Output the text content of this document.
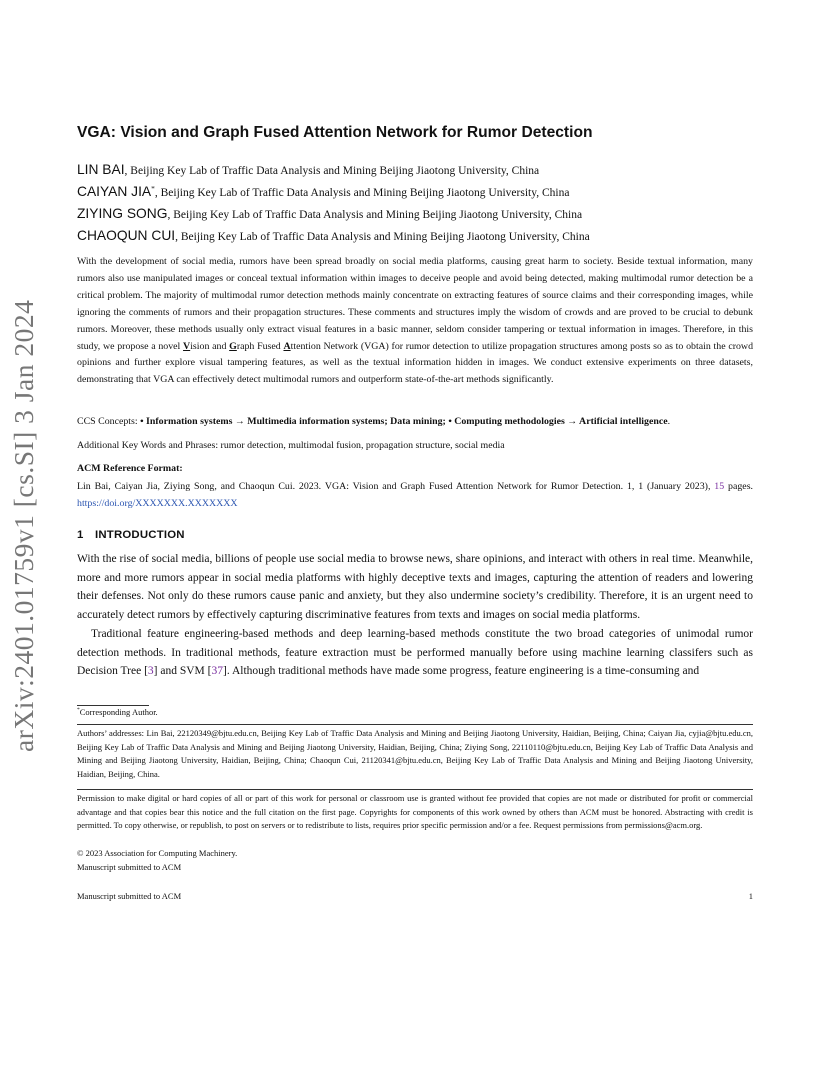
arXiv:2401.01759v1 [cs.SI] 3 Jan 2024
VGA: Vision and Graph Fused Attention Network for Rumor Detection
LIN BAI, Beijing Key Lab of Traffic Data Analysis and Mining Beijing Jiaotong University, China
CAIYAN JIA*, Beijing Key Lab of Traffic Data Analysis and Mining Beijing Jiaotong University, China
ZIYING SONG, Beijing Key Lab of Traffic Data Analysis and Mining Beijing Jiaotong University, China
CHAOQUN CUI, Beijing Key Lab of Traffic Data Analysis and Mining Beijing Jiaotong University, China
With the development of social media, rumors have been spread broadly on social media platforms, causing great harm to society. Beside textual information, many rumors also use manipulated images or conceal textual information within images to deceive people and avoid being detected, making multimodal rumor detection be a critical problem. The majority of multimodal rumor detection methods mainly concentrate on extracting features of source claims and their corresponding images, while ignoring the comments of rumors and their propagation structures. These comments and structures imply the wisdom of crowds and are proved to be crucial to debunk rumors. Moreover, these methods usually only extract visual features in a basic manner, seldom consider tampering or textual information in images. Therefore, in this study, we propose a novel Vision and Graph Fused Attention Network (VGA) for rumor detection to utilize propagation structures among posts so as to obtain the crowd opinions and further explore visual tampering features, as well as the textual information hidden in images. We conduct extensive experiments on three datasets, demonstrating that VGA can effectively detect multimodal rumors and outperform state-of-the-art methods significantly.
CCS Concepts: • Information systems → Multimedia information systems; Data mining; • Computing methodologies → Artificial intelligence.
Additional Key Words and Phrases: rumor detection, multimodal fusion, propagation structure, social media
ACM Reference Format:
Lin Bai, Caiyan Jia, Ziying Song, and Chaoqun Cui. 2023. VGA: Vision and Graph Fused Attention Network for Rumor Detection. 1, 1 (January 2023), 15 pages. https://doi.org/XXXXXXX.XXXXXXX
1 INTRODUCTION

With the rise of social media, billions of people use social media to browse news, share opinions, and interact with others in real time. Meanwhile, more and more rumors appear in social media platforms with highly deceptive texts and images, capturing the attention of readers and lowering their defenses. Not only do these rumors cause panic and anxiety, but they also undermine society’s credibility. Therefore, it is an urgent need to accurately detect rumors by effectively capturing discriminative features from texts and images on social media platforms.

Traditional feature engineering-based methods and deep learning-based methods constitute the two broad categories of unimodal rumor detection methods. In traditional methods, feature extraction must be performed manually before using machine learning classifers such as Decision Tree [3] and SVM [37]. Although traditional methods have made some progress, feature engineering is a time-consuming and

*Corresponding Author.
Authors’ addresses: Lin Bai, 22120349@bjtu.edu.cn, Beijing Key Lab of Traffic Data Analysis and Mining and Beijing Jiaotong University, Haidian, Beijing, China; Caiyan Jia, cyjia@bjtu.edu.cn, Beijing Key Lab of Traffic Data Analysis and Mining and Beijing Jiaotong University, Haidian, Beijing, China; Ziying Song, 22110110@bjtu.edu.cn, Beijing Key Lab of Traffic Data Analysis and Mining and Beijing Jiaotong University, Haidian, Beijing, China; Chaoqun Cui, 21120341@bjtu.edu.cn, Beijing Key Lab of Traffic Data Analysis and Mining and Beijing Jiaotong University, Haidian, Beijing, China.
Permission to make digital or hard copies of all or part of this work for personal or classroom use is granted without fee provided that copies are not made or distributed for profit or commercial advantage and that copies bear this notice and the full citation on the first page. Copyrights for components of this work owned by others than ACM must be honored. Abstracting with credit is permitted. To copy otherwise, or republish, to post on servers or to redistribute to lists, requires prior specific permission and/or a fee. Request permissions from permissions@acm.org.
© 2023 Association for Computing Machinery.
Manuscript submitted to ACM
Manuscript submitted to ACM	1
